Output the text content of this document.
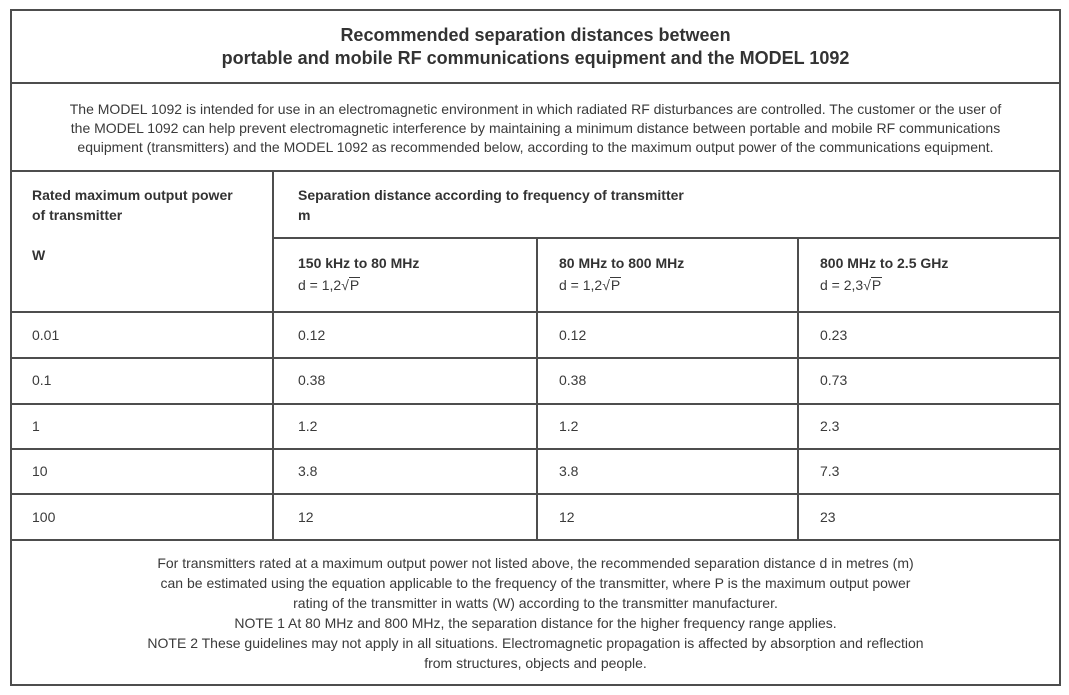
Recommended separation distances between
portable and mobile RF communications equipment and the MODEL 1092
The MODEL 1092 is intended for use in an electromagnetic environment in which radiated RF disturbances are controlled. The customer or the user of
the MODEL 1092 can help prevent electromagnetic interference by maintaining a minimum distance between portable and mobile RF communications
equipment (transmitters) and the MODEL 1092 as recommended below, according to the maximum output power of the communications equipment.
Rated maximum output power
of transmitter
W
Separation distance according to frequency of transmitter
m
150 kHz to 80 MHz
d = 1,2 √ P
80 MHz to 800 MHz
d = 1,2 √ P
800 MHz to 2.5 GHz
d = 2,3 √ P
0.01	0.12	0.12	0.23
0.1	0.38	0.38	0.73
1	1.2	1.2	2.3
10	3.8	3.8	7.3
100	12	12	23
For transmitters rated at a maximum output power not listed above, the recommended separation distance d in metres (m)
can be estimated using the equation applicable to the frequency of the transmitter, where P is the maximum output power
rating of the transmitter in watts (W) according to the transmitter manufacturer.
NOTE 1 At 80 MHz and 800 MHz, the separation distance for the higher frequency range applies.
NOTE 2 These guidelines may not apply in all situations. Electromagnetic propagation is affected by absorption and reflection
from structures, objects and people.
